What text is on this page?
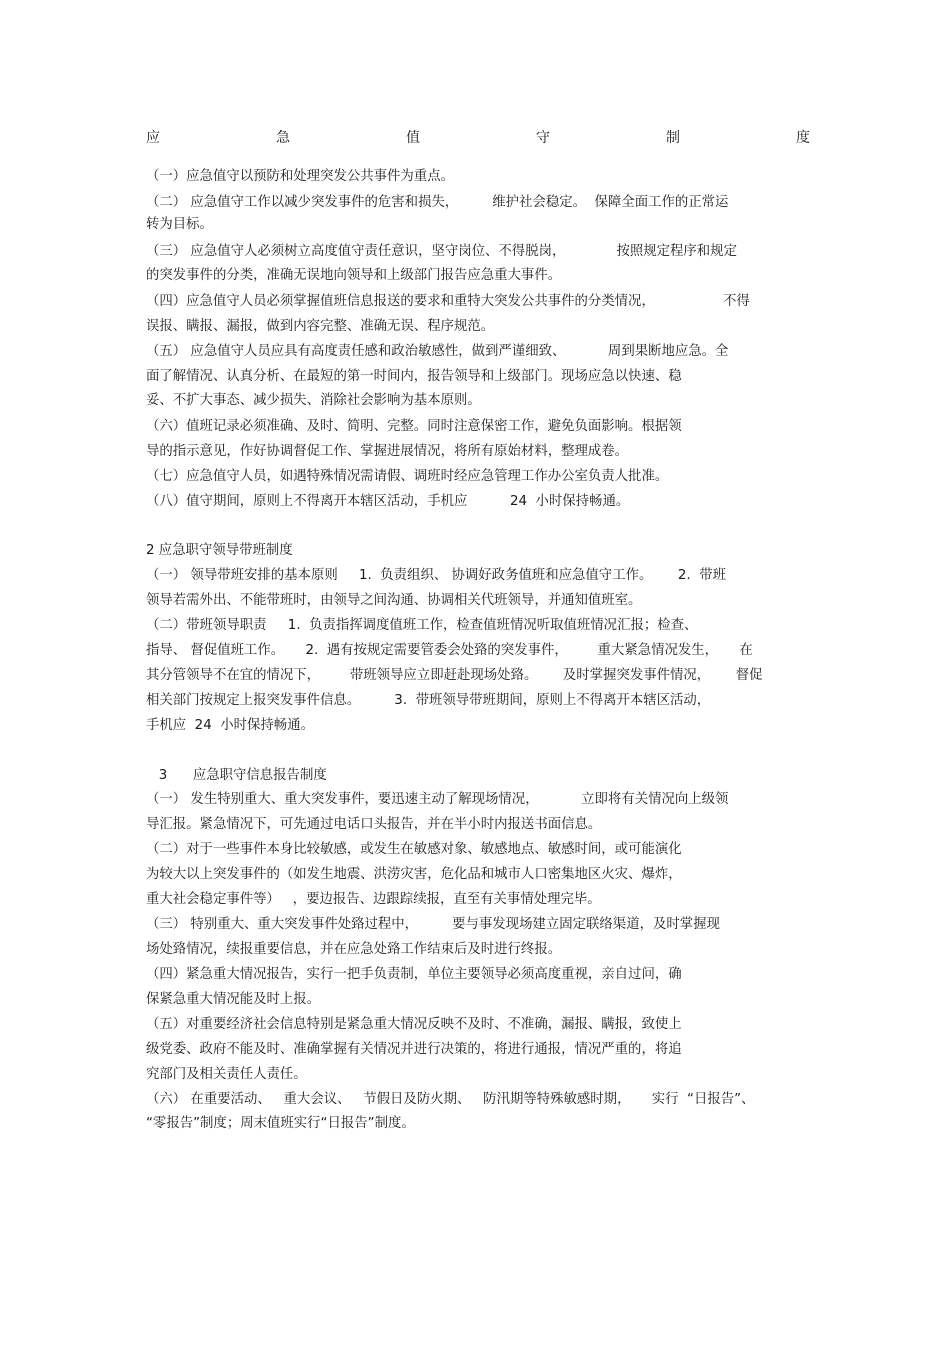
应	急	值	守	制	度
（一）应急值守以预防和处理突发公共事件为重点。
（二） 应急值守工作以减少突发事件的危害和损失，        维护社会稳定。  保障全面工作的正常运
转为目标。
（三） 应急值守人必须树立高度值守责任意识，坚守岗位、不得脱岗，            按照规定程序和规定
的突发事件的分类，准确无误地向领导和上级部门报告应急重大事件。
（四）应急值守人员必须掌握值班信息报送的要求和重特大突发公共事件的分类情况，                不得
误报、瞒报、漏报，做到内容完整、准确无误、程序规范。
（五） 应急值守人员应具有高度责任感和政治敏感性，做到严谨细致、          周到果断地应急。全
面了解情况、认真分析、在最短的第一时间内，报告领导和上级部门。现场应急以快速、稳
妥、不扩大事态、减少损失、消除社会影响为基本原则。
（六）值班记录必须准确、及时、简明、完整。同时注意保密工作，避免负面影响。根据领
导的指示意见，作好协调督促工作、掌握进展情况，将所有原始材料，整理成卷。
（七）应急值守人员，如遇特殊情况需请假、调班时经应急管理工作办公室负责人批准。
（八）值守期间，原则上不得离开本辖区活动，手机应          24  小时保持畅通。
2 应急职守领导带班制度
（一） 领导带班安排的基本原则     1.  负责组织、 协调好政务值班和应急值守工作。      2.  带班
领导若需外出、不能带班时，由领导之间沟通、协调相关代班领导，并通知值班室。
（二）带班领导职责     1.  负责指挥调度值班工作，检查值班情况听取值班情况汇报；检查、
指导、 督促值班工作。     2.  遇有按规定需要管委会处臵的突发事件，       重大紧急情况发生，     在
其分管领导不在宜的情况下，       带班领导应立即赶赴现场处臵。      及时掌握突发事件情况，      督促
相关部门按规定上报突发事件信息。        3.  带班领导带班期间，原则上不得离开本辖区活动，
手机应  24  小时保持畅通。
3      应急职守信息报告制度
（一） 发生特别重大、重大突发事件，要迅速主动了解现场情况，          立即将有关情况向上级领
导汇报。紧急情况下，可先通过电话口头报告，并在半小时内报送书面信息。
（二）对于一些事件本身比较敏感，或发生在敏感对象、敏感地点、敏感时间，或可能演化
为较大以上突发事件的（如发生地震、洪涝灾害，危化品和城市人口密集地区火灾、爆炸，
重大社会稳定事件等）   ，要边报告、边跟踪续报，直至有关事情处理完毕。
（三） 特别重大、重大突发事件处臵过程中，        要与事发现场建立固定联络渠道，及时掌握现
场处臵情况，续报重要信息，并在应急处臵工作结束后及时进行终报。
（四）紧急重大情况报告，实行一把手负责制，单位主要领导必须高度重视，亲自过问，确
保紧急重大情况能及时上报。
（五）对重要经济社会信息特别是紧急重大情况反映不及时、不准确，漏报、瞒报，致使上
级党委、政府不能及时、准确掌握有关情况并进行决策的，将进行通报，情况严重的，将追
究部门及相关责任人责任。
（六） 在重要活动、   重大会议、   节假日及防火期、   防汛期等特殊敏感时期，     实行  “日报告”、
“零报告”制度；周末值班实行“日报告”制度。
